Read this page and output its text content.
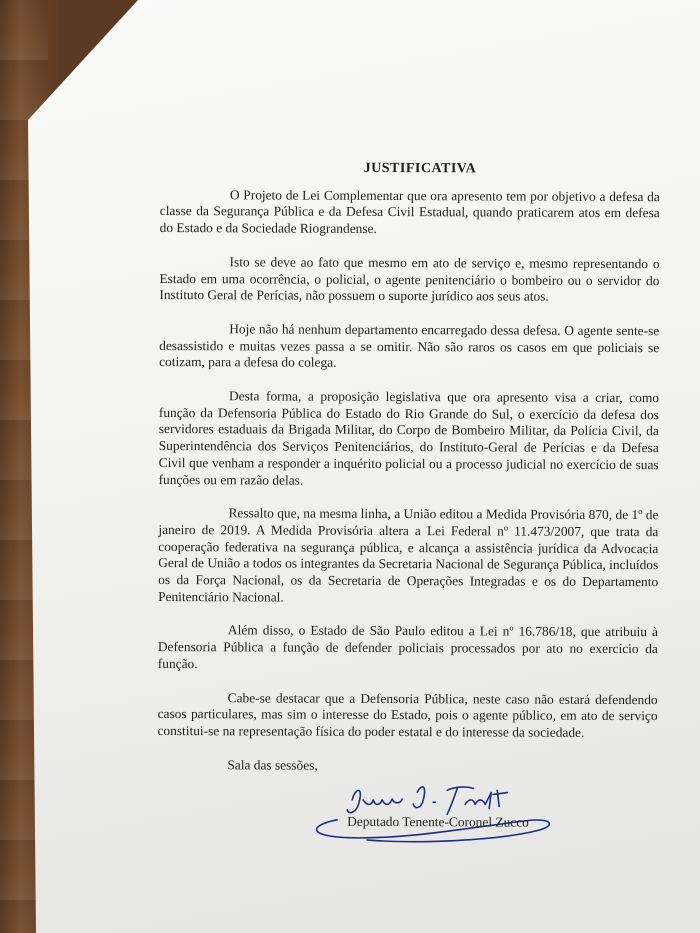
JUSTIFICATIVA

O Projeto de Lei Complementar que ora apresento tem por objetivo a defesa da classe da Segurança Pública e da Defesa Civil Estadual, quando praticarem atos em defesa do Estado e da Sociedade Riograndense.

Isto se deve ao fato que mesmo em ato de serviço e, mesmo representando o Estado em uma ocorrência, o policial, o agente penitenciário o bombeiro ou o servidor do Instituto Geral de Perícias, não possuem o suporte jurídico aos seus atos.

Hoje não há nenhum departamento encarregado dessa defesa. O agente sente-se desassistido e muitas vezes passa a se omitir. Não são raros os casos em que policiais se cotizam, para a defesa do colega.

Desta forma, a proposição legislativa que ora apresento visa a criar, como função da Defensoria Pública do Estado do Rio Grande do Sul, o exercício da defesa dos servidores estaduais da Brigada Militar, do Corpo de Bombeiro Militar, da Polícia Civil, da Superintendência dos Serviços Penitenciários, do Instituto-Geral de Perícias e da Defesa Civil que venham a responder a inquérito policial ou a processo judicial no exercício de suas funções ou em razão delas.

Ressalto que, na mesma linha, a União editou a Medida Provisória 870, de 1º de janeiro de 2019. A Medida Provisória altera a Lei Federal nº 11.473/2007, que trata da cooperação federativa na segurança pública, e alcança a assistência jurídica da Advocacia Geral de União a todos os integrantes da Secretaria Nacional de Segurança Pública, incluídos os da Força Nacional, os da Secretaria de Operações Integradas e os do Departamento Penitenciário Nacional.

Além disso, o Estado de São Paulo editou a Lei nº 16.786/18, que atribuiu à Defensoria Pública a função de defender policiais processados por ato no exercício da função.

Cabe-se destacar que a Defensoria Pública, neste caso não estará defendendo casos particulares, mas sim o interesse do Estado, pois o agente público, em ato de serviço constitui-se na representação física do poder estatal e do interesse da sociedade.

Sala das sessões,
Deputado Tenente-Coronel Zucco
